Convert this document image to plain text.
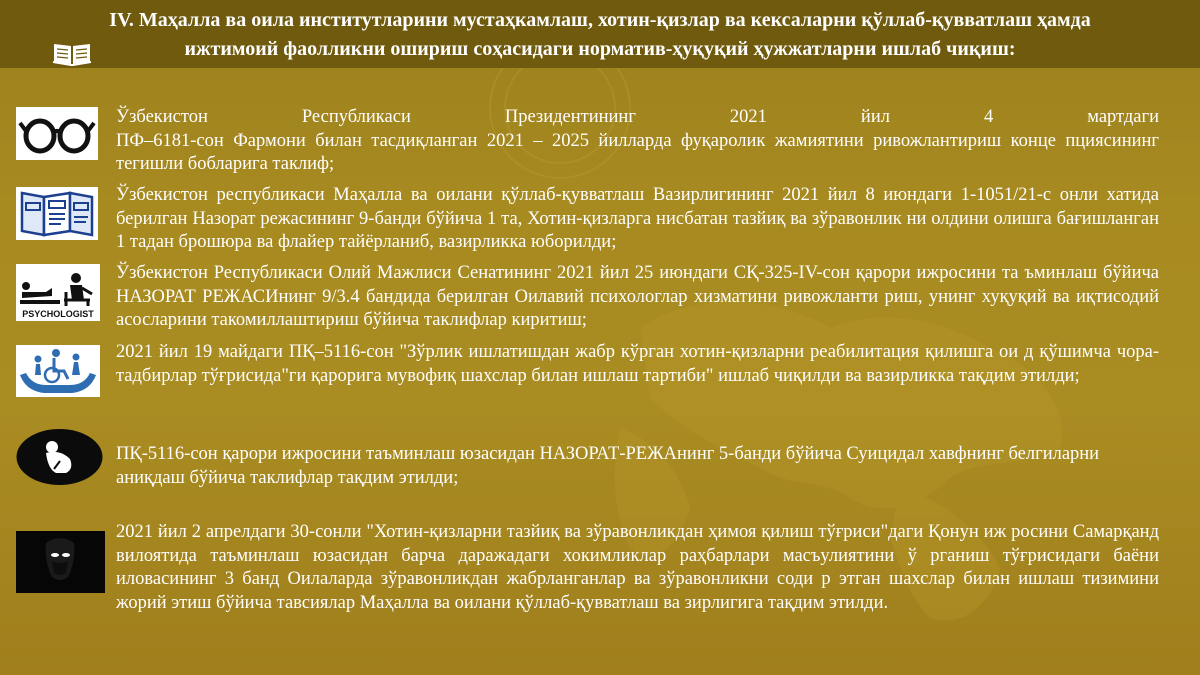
IV. Маҳалла ва оила институтларини мустаҳкамлаш, хотин-қизлар ва кексаларни қўллаб-қувватлаш ҳамда
ижтимоий фаолликни ошириш соҳасидаги норматив-ҳуқуқий ҳужжатларни ишлаб чиқиш:
Ўзбекистон Республикаси Президентининг 2021 йил 4 мартдаги
ПФ–6181-сон Фармони билан тасдиқланган 2021 – 2025 йилларда фуқаролик жамиятини ривожлантириш конце пциясининг тегишли бобларига таклиф;
Ўзбекистон республикаси Маҳалла ва оилани қўллаб-қувватлаш Вазирлигининг 2021 йил 8 июндаги 1-1051/21-с онли хатида берилган Назорат режасининг 9-банди бўйича 1 та, Хотин-қизларга нисбатан тазйиқ ва зўравонлик ни олдини олишга бағишланган 1 тадан брошюра ва флайер тайёрланиб, вазирликка юборилди;
PSYCHOLOGIST
Ўзбекистон Республикаси Олий Мажлиси Сенатининг 2021 йил 25 июндаги СҚ-325-IV-сон қарори ижросини та ъминлаш бўйича НАЗОРАТ РЕЖАСИнинг 9/3.4 бандида берилган Оилавий психологлар хизматини ривожланти риш, унинг хуқуқий ва иқтисодий асосларини такомиллаштириш бўйича таклифлар киритиш;
2021 йил 19 майдаги ПҚ–5116-сон "Зўрлик ишлатишдан жабр кўрган хотин-қизларни реабилитация қилишга ои д қўшимча чора-тадбирлар тўғрисида"ги қарорига мувофиқ шахслар билан ишлаш тартиби" ишлаб чиқилди ва вазирликка тақдим этилди;
ПҚ-5116-сон қарори ижросини таъминлаш юзасидан НАЗОРАТ-РЕЖАнинг 5-банди бўйича Суицидал хавфнинг белгиларни аниқдаш бўйича таклифлар тақдим этилди;
2021 йил 2 апрелдаги 30-сонли "Хотин-қизларни тазйиқ ва зўравонликдан ҳимоя қилиш тўғриси"даги Қонун иж росини Самарқанд вилоятида таъминлаш юзасидан барча даражадаги хокимликлар раҳбарлари масъулиятини ў рганиш тўғрисидаги баёни иловасининг 3 банд Оилаларда зўравонликдан жабрланганлар ва зўравонликни соди р этган шахслар билан ишлаш тизимини жорий этиш бўйича тавсиялар Маҳалла ва оилани қўллаб-қувватлаш ва зирлигига тақдим этилди.
